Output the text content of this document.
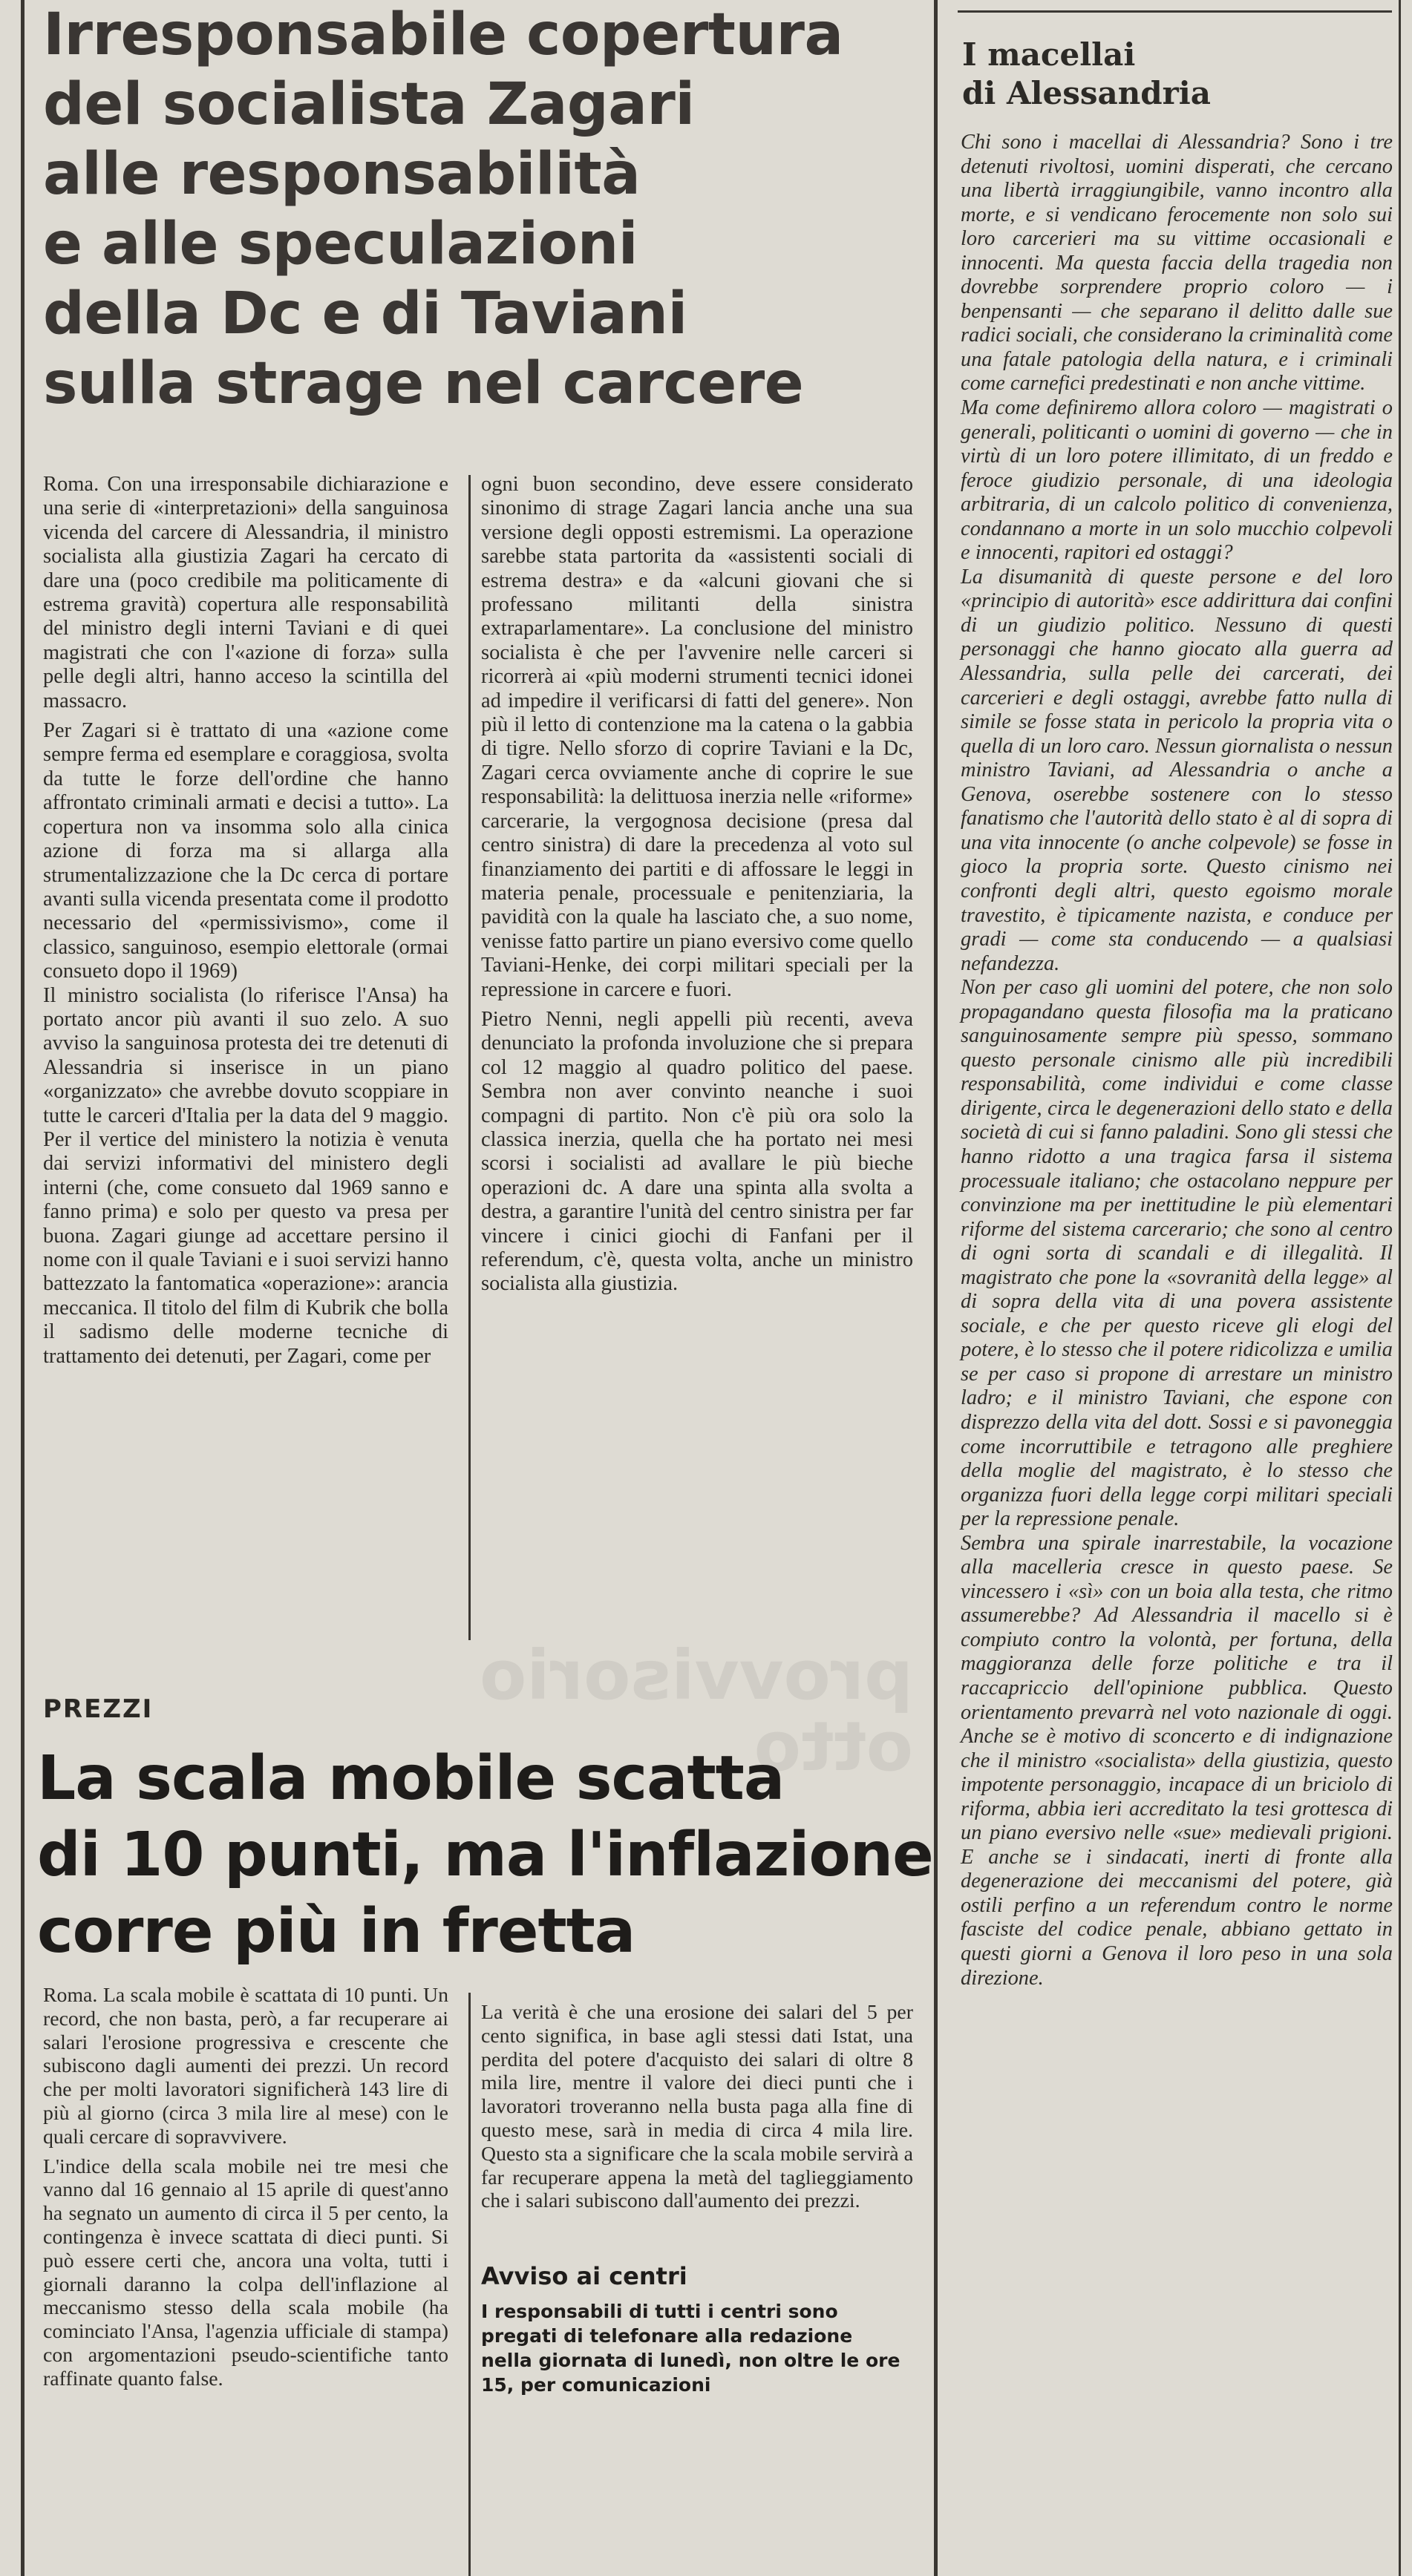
provvisorio
otto
Irresponsabile copertura
del socialista Zagari
alle responsabilità
e alle speculazioni
della Dc e di Taviani
sulla strage nel carcere

Roma. Con una irresponsabile dichiarazione e una serie di «interpretazioni» della sanguinosa vicenda del carcere di Alessandria, il ministro socialista alla giustizia Zagari ha cercato di dare una (poco credibile ma politicamente di estrema gravità) copertura alle responsabilità del ministro degli interni Taviani e di quei magistrati che con l'«azione di forza» sulla pelle degli altri, hanno acceso la scintilla del massacro.

Per Zagari si è trattato di una «azione come sempre ferma ed esemplare e coraggiosa, svolta da tutte le forze dell'ordine che hanno affrontato criminali armati e decisi a tutto». La copertura non va insomma solo alla cinica azione di forza ma si allarga alla strumentalizzazione che la Dc cerca di portare avanti sulla vicenda presentata come il prodotto necessario del «permissivismo», come il classico, sanguinoso, esempio elettorale (ormai consueto dopo il 1969)

Il ministro socialista (lo riferisce l'Ansa) ha portato ancor più avanti il suo zelo. A suo avviso la sanguinosa protesta dei tre detenuti di Alessandria si inserisce in un piano «organizzato» che avrebbe dovuto scoppiare in tutte le carceri d'Italia per la data del 9 maggio. Per il vertice del ministero la notizia è venuta dai servizi informativi del ministero degli interni (che, come consueto dal 1969 sanno e fanno prima) e solo per questo va presa per buona. Zagari giunge ad accettare persino il nome con il quale Taviani e i suoi servizi hanno battezzato la fantomatica «operazione»: arancia meccanica. Il titolo del film di Kubrik che bolla il sadismo delle moderne tecniche di trattamento dei detenuti, per Zagari, come per

ogni buon secondino, deve essere considerato sinonimo di strage Zagari lancia anche una sua versione degli opposti estremismi. La operazione sarebbe stata partorita da «assistenti sociali di estrema destra» e da «alcuni giovani che si professano militanti della sinistra extraparlamentare». La conclusione del ministro socialista è che per l'avvenire nelle carceri si ricorrerà ai «più moderni strumenti tecnici idonei ad impedire il verificarsi di fatti del genere». Non più il letto di contenzione ma la catena o la gabbia di tigre. Nello sforzo di coprire Taviani e la Dc, Zagari cerca ovviamente anche di coprire le sue responsabilità: la delittuosa inerzia nelle «riforme» carcerarie, la vergognosa decisione (presa dal centro sinistra) di dare la precedenza al voto sul finanziamento dei partiti e di affossare le leggi in materia penale, processuale e penitenziaria, la pavidità con la quale ha lasciato che, a suo nome, venisse fatto partire un piano eversivo come quello Taviani-Henke, dei corpi militari speciali per la repressione in carcere e fuori.

Pietro Nenni, negli appelli più recenti, aveva denunciato la profonda involuzione che si prepara col 12 maggio al quadro politico del paese. Sembra non aver convinto neanche i suoi compagni di partito. Non c'è più ora solo la classica inerzia, quella che ha portato nei mesi scorsi i socialisti ad avallare le più bieche operazioni dc. A dare una spinta alla svolta a destra, a garantire l'unità del centro sinistra per far vincere i cinici giochi di Fanfani per il referendum, c'è, questa volta, anche un ministro socialista alla giustizia.

PREZZI
La scala mobile scatta
di 10 punti, ma l'inflazione
corre più in fretta

Roma. La scala mobile è scattata di 10 punti. Un record, che non basta, però, a far recuperare ai salari l'erosione progressiva e crescente che subiscono dagli aumenti dei prezzi. Un record che per molti lavoratori significherà 143 lire di più al giorno (circa 3 mila lire al mese) con le quali cercare di sopravvivere.

L'indice della scala mobile nei tre mesi che vanno dal 16 gennaio al 15 aprile di quest'anno ha segnato un aumento di circa il 5 per cento, la contingenza è invece scattata di dieci punti. Si può essere certi che, ancora una volta, tutti i giornali daranno la colpa dell'inflazione al meccanismo stesso della scala mobile (ha cominciato l'Ansa, l'agenzia ufficiale di stampa) con argomentazioni pseudo-scientifiche tanto raffinate quanto false.

La verità è che una erosione dei salari del 5 per cento significa, in base agli stessi dati Istat, una perdita del potere d'acquisto dei salari di oltre 8 mila lire, mentre il valore dei dieci punti che i lavoratori troveranno nella busta paga alla fine di questo mese, sarà in media di circa 4 mila lire. Questo sta a significare che la scala mobile servirà a far recuperare appena la metà del taglieggiamento che i salari subiscono dall'aumento dei prezzi.

Avviso ai centri
I responsabili di tutti i centri sono pregati di telefonare alla redazione nella giornata di lunedì, non oltre le ore 15, per comunicazioni
I macellai
di Alessandria

Chi sono i macellai di Alessandria? Sono i tre detenuti rivoltosi, uomini disperati, che cercano una libertà irraggiungibile, vanno incontro alla morte, e si vendicano ferocemente non solo sui loro carcerieri ma su vittime occasionali e innocenti. Ma questa faccia della tragedia non dovrebbe sorprendere proprio coloro — i benpensanti — che separano il delitto dalle sue radici sociali, che considerano la criminalità come una fatale patologia della natura, e i criminali come carnefici predestinati e non anche vittime.

Ma come definiremo allora coloro — magistrati o generali, politicanti o uomini di governo — che in virtù di un loro potere illimitato, di un freddo e feroce giudizio personale, di una ideologia arbitraria, di un calcolo politico di convenienza, condannano a morte in un solo mucchio colpevoli e innocenti, rapitori ed ostaggi?

La disumanità di queste persone e del loro «principio di autorità» esce addirittura dai confini di un giudizio politico. Nessuno di questi personaggi che hanno giocato alla guerra ad Alessandria, sulla pelle dei carcerati, dei carcerieri e degli ostaggi, avrebbe fatto nulla di simile se fosse stata in pericolo la propria vita o quella di un loro caro. Nessun giornalista o nessun ministro Taviani, ad Alessandria o anche a Genova, oserebbe sostenere con lo stesso fanatismo che l'autorità dello stato è al di sopra di una vita innocente (o anche colpevole) se fosse in gioco la propria sorte. Questo cinismo nei confronti degli altri, questo egoismo morale travestito, è tipicamente nazista, e conduce per gradi — come sta conducendo — a qualsiasi nefandezza.

Non per caso gli uomini del potere, che non solo propagandano questa filosofia ma la praticano sanguinosamente sempre più spesso, sommano questo personale cinismo alle più incredibili responsabilità, come individui e come classe dirigente, circa le degenerazioni dello stato e della società di cui si fanno paladini. Sono gli stessi che hanno ridotto a una tragica farsa il sistema processuale italiano; che ostacolano neppure per convinzione ma per inettitudine le più elementari riforme del sistema carcerario; che sono al centro di ogni sorta di scandali e di illegalità. Il magistrato che pone la «sovranità della legge» al di sopra della vita di una povera assistente sociale, e che per questo riceve gli elogi del potere, è lo stesso che il potere ridicolizza e umilia se per caso si propone di arrestare un ministro ladro; e il ministro Taviani, che espone con disprezzo della vita del dott. Sossi e si pavoneggia come incorruttibile e tetragono alle preghiere della moglie del magistrato, è lo stesso che organizza fuori della legge corpi militari speciali per la repressione penale.

Sembra una spirale inarrestabile, la vocazione alla macelleria cresce in questo paese. Se vincessero i «sì» con un boia alla testa, che ritmo assumerebbe? Ad Alessandria il macello si è compiuto contro la volontà, per fortuna, della maggioranza delle forze politiche e tra il raccapriccio dell'opinione pubblica. Questo orientamento prevarrà nel voto nazionale di oggi. Anche se è motivo di sconcerto e di indignazione che il ministro «socialista» della giustizia, questo impotente personaggio, incapace di un briciolo di riforma, abbia ieri accreditato la tesi grottesca di un piano eversivo nelle «sue» medievali prigioni. E anche se i sindacati, inerti di fronte alla degenerazione dei meccanismi del potere, già ostili perfino a un referendum contro le norme fasciste del codice penale, abbiano gettato in questi giorni a Genova il loro peso in una sola direzione.
